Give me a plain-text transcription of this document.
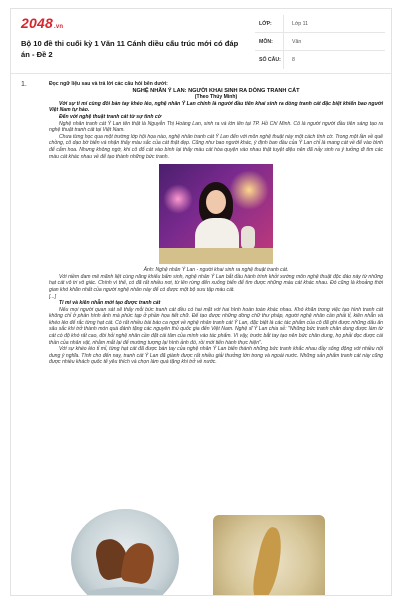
2048.vn
Bộ 10 đề thi cuối kỳ 1 Văn 11 Cánh diều cấu trúc mới có đáp án - Đề 2
LỚP:	Lớp 11
MÔN:	Văn
SỐ CÂU:	8
1.	Đọc ngữ liệu sau và trả lời các câu hỏi bên dưới:

NGHỆ NHÂN Ý LAN: NGƯỜI KHAI SINH RA DÒNG TRANH CÁT

(Theo Thúy Minh)

Với sự tỉ mỉ cùng đôi bàn tay khéo léo, nghệ nhân Ý Lan chính là người đầu tiên khai sinh ra dòng tranh cát đặc biệt khiến bao người Việt Nam tự hào.

Đến với nghệ thuật tranh cát từ sự tình cờ

Nghệ nhân tranh cát Ý Lan tên thật là Nguyễn Thị Hoàng Lan, sinh ra và lớn lên tại TP. Hồ Chí Minh. Cô là người người đầu tiên sáng tạo ra nghệ thuật tranh cát tại Việt Nam.

Chưa từng học qua một trường lớp hội họa nào, nghệ nhân tranh cát Ý Lan đến với môn nghệ thuật này một cách tình cờ. Trong một lần về quê chồng, cô dạo bờ biển và nhận thấy màu sắc của cát thật đẹp. Cũng như bao người khác, ý định ban đầu của Ý Lan chỉ là mang cát về để vào bình để cắm hoa. Nhưng không ngờ, khi cô đổ cát vào bình lại thấy màu cát hòa quyện vào nhau thật tuyệt diệu nên đã nảy sinh ra ý tưởng đi tìm các màu cát khác nhau về để tạo thành những bức tranh.

Ảnh: Nghệ nhân Ý Lan - người khai sinh ra nghệ thuật tranh cát.

Với niềm đam mê mãnh liệt cùng năng khiếu bẩm sinh, nghệ nhân Ý Lan bắt đầu hành trình khởi xướng môn nghệ thuật độc đáo này từ những hạt cát vô tri vô giác. Chính vì thế, có đã rất nhiều nơi, từ lên rừng đến xuống biển để tìm được những màu cát khác nhau. Đó cũng là khoảng thời gian khó khăn nhất của người nghệ nhân này để có được một bộ sưu tập màu cát.

[...]

Tỉ mỉ và kiên nhẫn mới tạo được tranh cát

Nếu mọi người quan sát sẽ thấy mỗi bức tranh cát đều có hai mặt với hai hình hoàn toàn khác nhau. Khó khăn trong việc tạo hình tranh cát không chỉ ở phần hình ảnh mà phức tạp ở phần họa tiết chữ. Để tạo được những dòng chữ thư pháp, người nghệ nhân cần phải tỉ, kiên nhẫn và khéo léo để rắc từng hạt cát. Có rất nhiều bài báo ca ngợi về nghệ nhân tranh cát Ý Lan, đặc biệt là các tác phẩm của cô đã ghi được những dấu ấn sâu sắc khi trở thành món quà đánh tặng các nguyên thủ quốc gia đến Việt Nam. Nghệ sĩ Ý Lan chia sẻ: "Những bức tranh chân dung được làm từ cát có độ khó rất cao, đòi hỏi nghệ nhân cần đặt cái tâm của mình vào tác phẩm. Vì vậy, trước bắt tay tạo nên bức chân dung, họ phải đọc được cái thần của nhân vật, nhằm mắt lại để mường tượng lại hình ảnh đó, rồi mới tiến hành thực hiện".

Với sự khéo léo tỉ mỉ, từng hạt cát đã được bàn tay của nghệ nhân Ý Lan biến thành những bức tranh khắc nhau đầy sống động với nhiều nội dung ý nghĩa. Tính cho đến nay, tranh cát Ý Lan đã giành được rất nhiều giải thưởng lớn trong và ngoài nước. Những sản phẩm tranh cát này cũng được nhiều khách quốc tế yêu thích và chọn làm quà tặng khi trở về nước.
